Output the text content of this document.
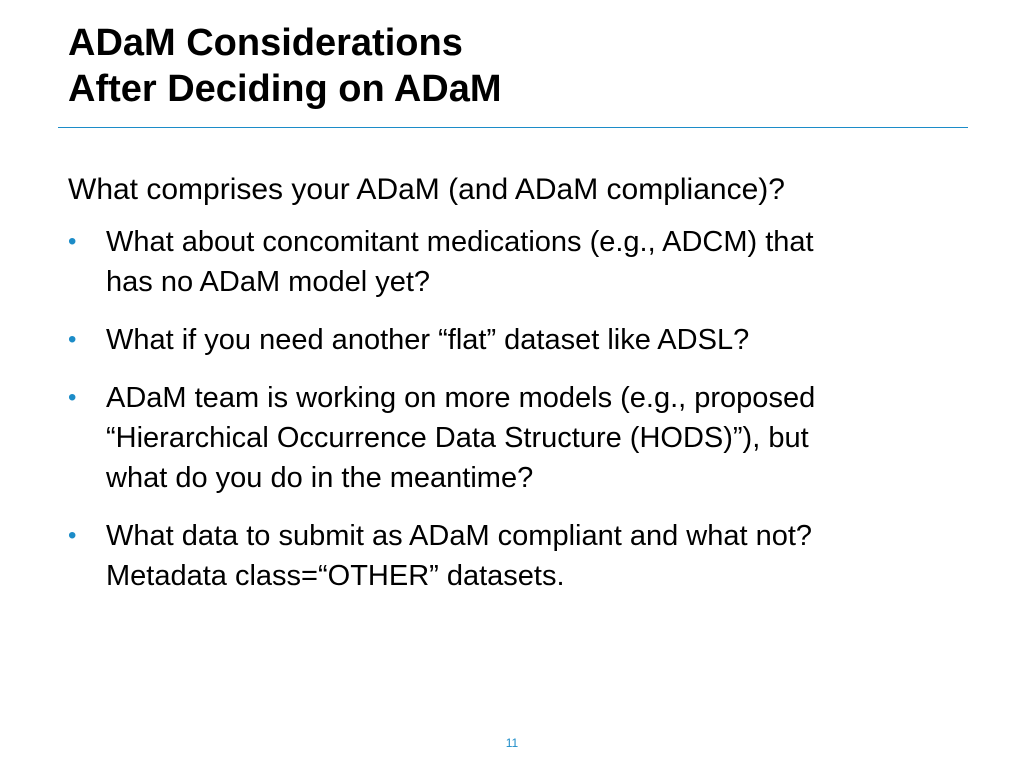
ADaM Considerations
After Deciding on ADaM

What comprises your ADaM (and ADaM compliance)?

• What about concomitant medications (e.g., ADCM) that
has no ADaM model yet?
• What if you need another “flat” dataset like ADSL?
• ADaM team is working on more models (e.g., proposed
“Hierarchical Occurrence Data Structure (HODS)”), but
what do you do in the meantime?
• What data to submit as ADaM compliant and what not?
Metadata class=“OTHER” datasets.
11
